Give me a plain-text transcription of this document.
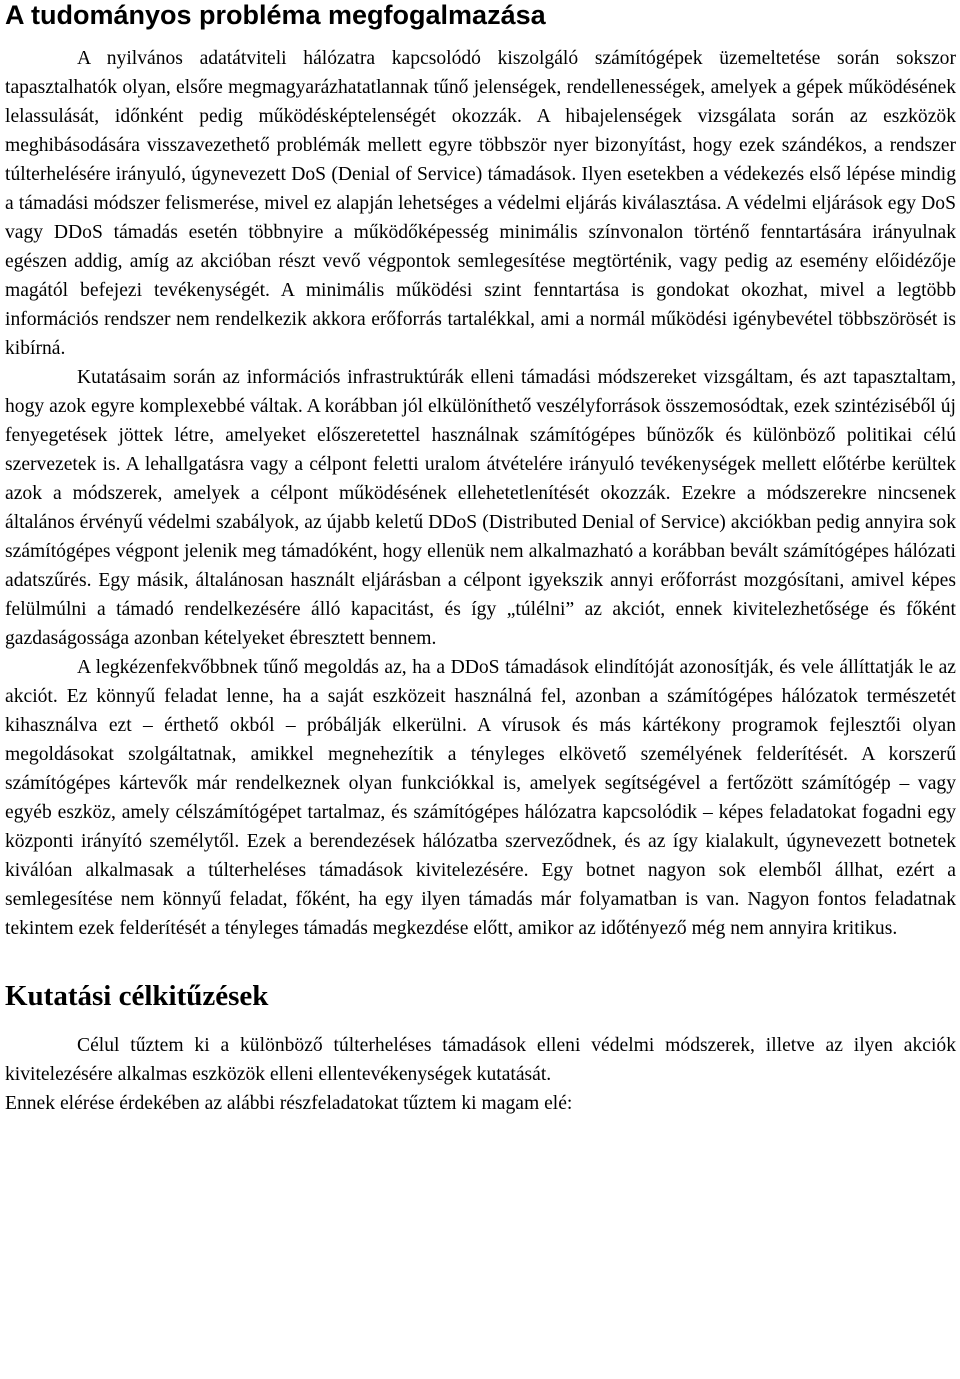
A tudományos probléma megfogalmazása

A nyilvános adatátviteli hálózatra kapcsolódó kiszolgáló számítógépek üzemeltetése során sokszor tapasztalhatók olyan, elsőre megmagyarázhatatlannak tűnő jelenségek, rendellenességek, amelyek a gépek működésének lelassulását, időnként pedig működésképtelenségét okozzák. A hibajelenségek vizsgálata során az eszközök meghibásodására visszavezethető problémák mellett egyre többször nyer bizonyítást, hogy ezek szándékos, a rendszer túlterhelésére irányuló, úgynevezett DoS (Denial of Service) támadások. Ilyen esetekben a védekezés első lépése mindig a támadási módszer felismerése, mivel ez alapján lehetséges a védelmi eljárás kiválasztása. A védelmi eljárások egy DoS vagy DDoS támadás esetén többnyire a működőképesség minimális színvonalon történő fenntartására irányulnak egészen addig, amíg az akcióban részt vevő végpontok semlegesítése megtörténik, vagy pedig az esemény előidézője magától befejezi tevékenységét. A minimális működési szint fenntartása is gondokat okozhat, mivel a legtöbb információs rendszer nem rendelkezik akkora erőforrás tartalékkal, ami a normál működési igénybevétel többszörösét is kibírná.

Kutatásaim során az információs infrastruktúrák elleni támadási módszereket vizsgáltam, és azt tapasztaltam, hogy azok egyre komplexebbé váltak. A korábban jól elkülöníthető veszélyforrások összemosódtak, ezek szintéziséből új fenyegetések jöttek létre, amelyeket előszeretettel használnak számítógépes bűnözők és különböző politikai célú szervezetek is. A lehallgatásra vagy a célpont feletti uralom átvételére irányuló tevékenységek mellett előtérbe kerültek azok a módszerek, amelyek a célpont működésének ellehetetlenítését okozzák. Ezekre a módszerekre nincsenek általános érvényű védelmi szabályok, az újabb keletű DDoS (Distributed Denial of Service) akciókban pedig annyira sok számítógépes végpont jelenik meg támadóként, hogy ellenük nem alkalmazható a korábban bevált számítógépes hálózati adatszűrés. Egy másik, általánosan használt eljárásban a célpont igyekszik annyi erőforrást mozgósítani, amivel képes felülmúlni a támadó rendelkezésére álló kapacitást, és így „túlélni” az akciót, ennek kivitelezhetősége és főként gazdaságossága azonban kételyeket ébresztett bennem.

A legkézenfekvőbbnek tűnő megoldás az, ha a DDoS támadások elindítóját azonosítják, és vele állíttatják le az akciót. Ez könnyű feladat lenne, ha a saját eszközeit használná fel, azonban a számítógépes hálózatok természetét kihasználva ezt – érthető okból – próbálják elkerülni. A vírusok és más kártékony programok fejlesztői olyan megoldásokat szolgáltatnak, amikkel megnehezítik a tényleges elkövető személyének felderítését. A korszerű számítógépes kártevők már rendelkeznek olyan funkciókkal is, amelyek segítségével a fertőzött számítógép – vagy egyéb eszköz, amely célszámítógépet tartalmaz, és számítógépes hálózatra kapcsolódik – képes feladatokat fogadni egy központi irányító személytől. Ezek a berendezések hálózatba szerveződnek, és az így kialakult, úgynevezett botnetek kiválóan alkalmasak a túlterheléses támadások kivitelezésére. Egy botnet nagyon sok elemből állhat, ezért a semlegesítése nem könnyű feladat, főként, ha egy ilyen támadás már folyamatban is van. Nagyon fontos feladatnak tekintem ezek felderítését a tényleges támadás megkezdése előtt, amikor az időtényező még nem annyira kritikus.

Kutatási célkitűzések

Célul tűztem ki a különböző túlterheléses támadások elleni védelmi módszerek, illetve az ilyen akciók kivitelezésére alkalmas eszközök elleni ellentevékenységek kutatását.

Ennek elérése érdekében az alábbi részfeladatokat tűztem ki magam elé:
